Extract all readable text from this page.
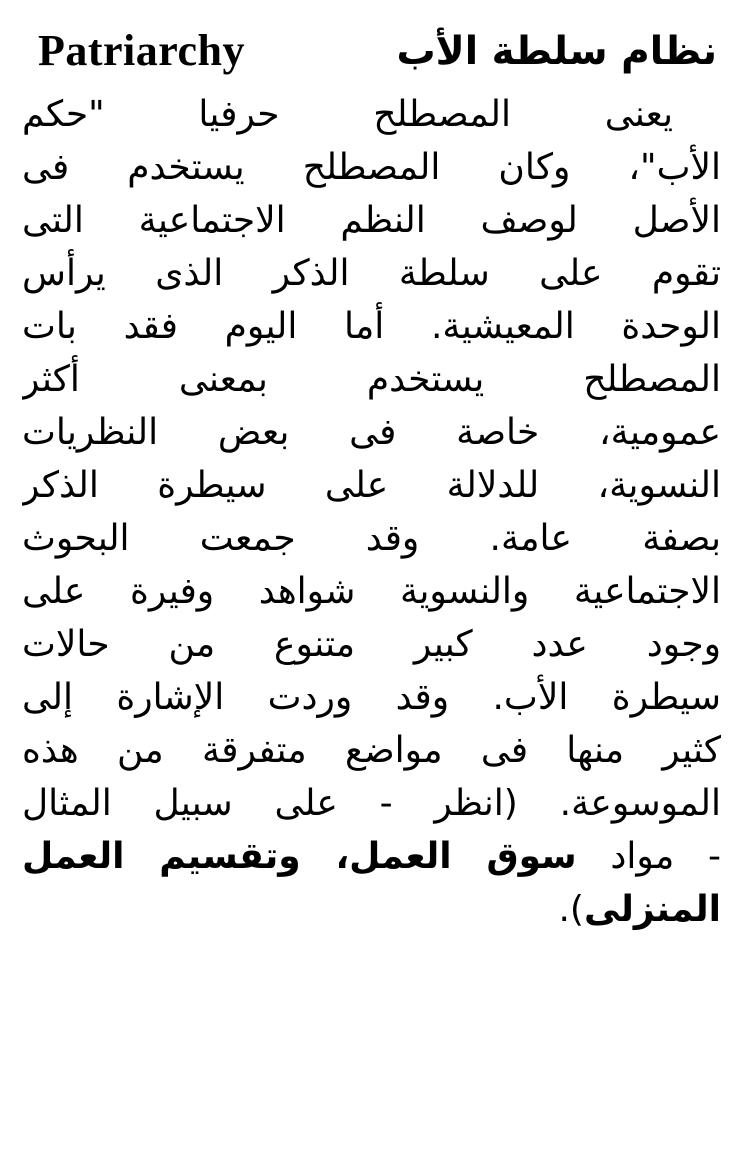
Patriarchy	نظام سلطة الأب
يعنى المصطلح حرفيا "حكم
الأب"، وكان المصطلح يستخدم فى
الأصل لوصف النظم الاجتماعية التى
تقوم على سلطة الذكر الذى يرأس
الوحدة المعيشية. أما اليوم فقد بات
المصطلح يستخدم بمعنى أكثر
عمومية، خاصة فى بعض النظريات
النسوية، للدلالة على سيطرة الذكر
بصفة عامة. وقد جمعت البحوث
الاجتماعية والنسوية شواهد وفيرة على
وجود عدد كبير متنوع من حالات
سيطرة الأب. وقد وردت الإشارة إلى
كثير منها فى مواضع متفرقة من هذه
الموسوعة. (انظر - على سبيل المثال
- مواد سوق العمل، وتقسيم العمل
المنزلى).
